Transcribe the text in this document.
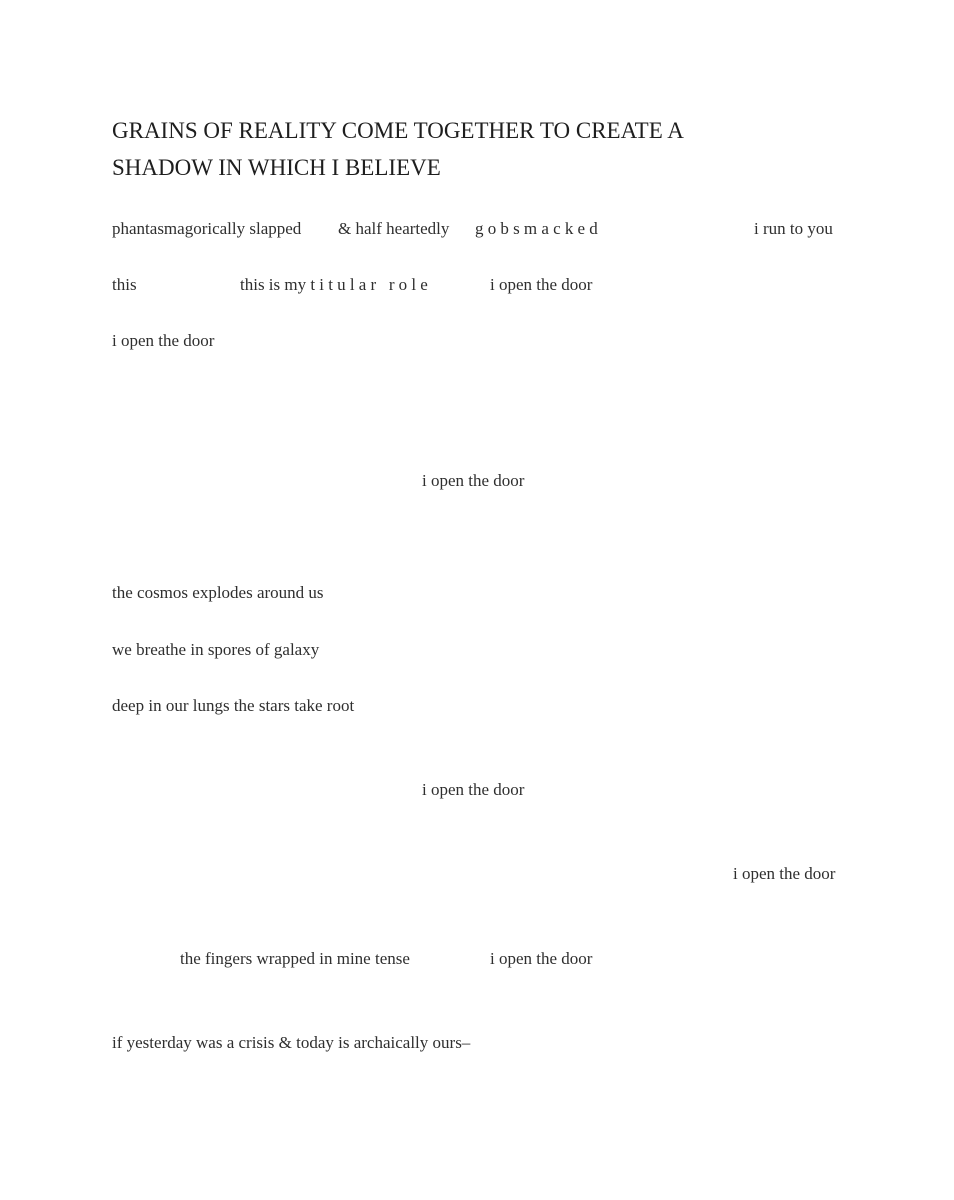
GRAINS OF REALITY COME TOGETHER TO CREATE A
SHADOW IN WHICH I BELIEVE
phantasmagorically slapped & half heartedly gobsmacked	i run to you
this	this is my titular role	i open the door
i open the door
i open the door
the cosmos explodes around us
we breathe in spores of galaxy
deep in our lungs the stars take root
i open the door
i open the door
the fingers wrapped in mine tense	i open the door
if yesterday was a crisis & today is archaically ours–
